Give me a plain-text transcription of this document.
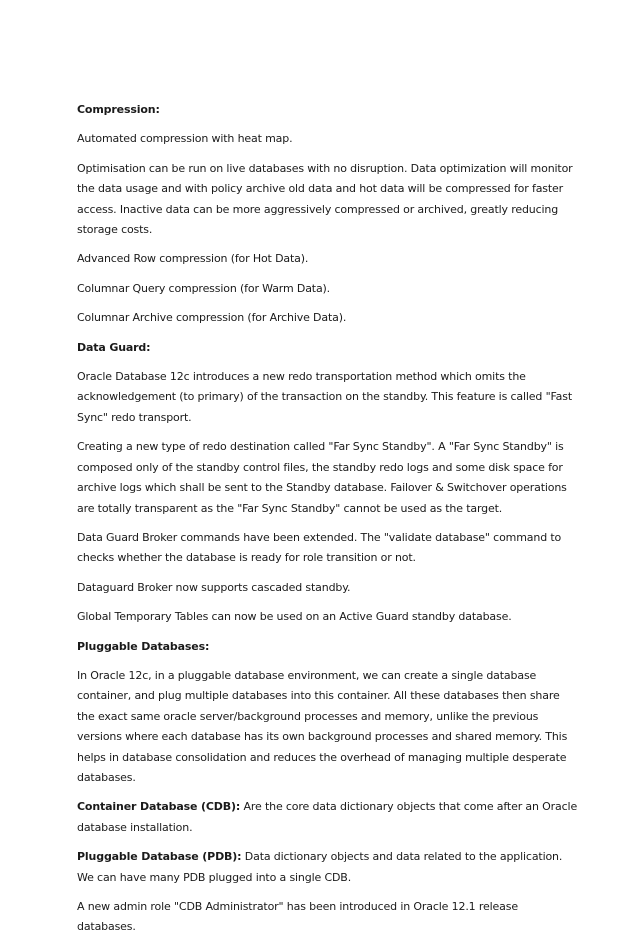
Compression:

Automated compression with heat map.

Optimisation can be run on live databases with no disruption. Data optimization will monitor the data usage and with policy archive old data and hot data will be compressed for faster access. Inactive data can be more aggressively compressed or archived, greatly reducing storage costs.

Advanced Row compression (for Hot Data).

Columnar Query compression (for Warm Data).

Columnar Archive compression (for Archive Data).

Data Guard:

Oracle Database 12c introduces a new redo transportation method which omits the acknowledgement (to primary) of the transaction on the standby. This feature is called "Fast Sync" redo transport.

Creating a new type of redo destination called "Far Sync Standby". A "Far Sync Standby" is composed only of the standby control files, the standby redo logs and some disk space for archive logs which shall be sent to the Standby database. Failover & Switchover operations are totally transparent as the "Far Sync Standby" cannot be used as the target.

Data Guard Broker commands have been extended. The "validate database" command to checks whether the database is ready for role transition or not.

Dataguard Broker now supports cascaded standby.

Global Temporary Tables can now be used on an Active Guard standby database.

Pluggable Databases:

In Oracle 12c, in a pluggable database environment, we can create a single database container, and plug multiple databases into this container. All these databases then share the exact same oracle server/background processes and memory, unlike the previous versions where each database has its own background processes and shared memory. This helps in database consolidation and reduces the overhead of managing multiple desperate databases.

Container Database (CDB): Are the core data dictionary objects that come after an Oracle database installation.

Pluggable Database (PDB): Data dictionary objects and data related to the application. We can have many PDB plugged into a single CDB.

A new admin role "CDB Administrator" has been introduced in Oracle 12.1 release databases.
